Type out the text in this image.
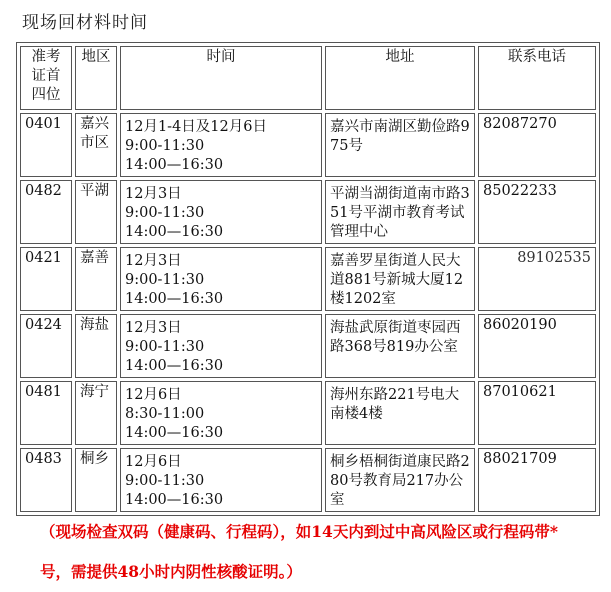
现场回材料时间
准考证首四位	地区	时间	地址	联系电话
0401	嘉兴市区	12月1-4日及12月6日
9:00-11:30
14:00—16:30	嘉兴市南湖区勤俭路975号	82087270
0482	平湖	12月3日
9:00-11:30
14:00—16:30	平湖当湖街道南市路351号平湖市教育考试管理中心	85022233
0421	嘉善	12月3日
9:00-11:30
14:00—16:30	嘉善罗星街道人民大道881号新城大厦12楼1202室	89102535
0424	海盐	12月3日
9:00-11:30
14:00—16:30	海盐武原街道枣园西路368号819办公室	86020190
0481	海宁	12月6日
8:30-11:00
14:00—16:30	海州东路221号电大南楼4楼	87010621
0483	桐乡	12月6日
9:00-11:30
14:00—16:30	桐乡梧桐街道康民路280号教育局217办公室	88021709
（现场检查双码（健康码、行程码），如14天内到过中高风险区或行程码带*号，需提供48小时内阴性核酸证明。）
